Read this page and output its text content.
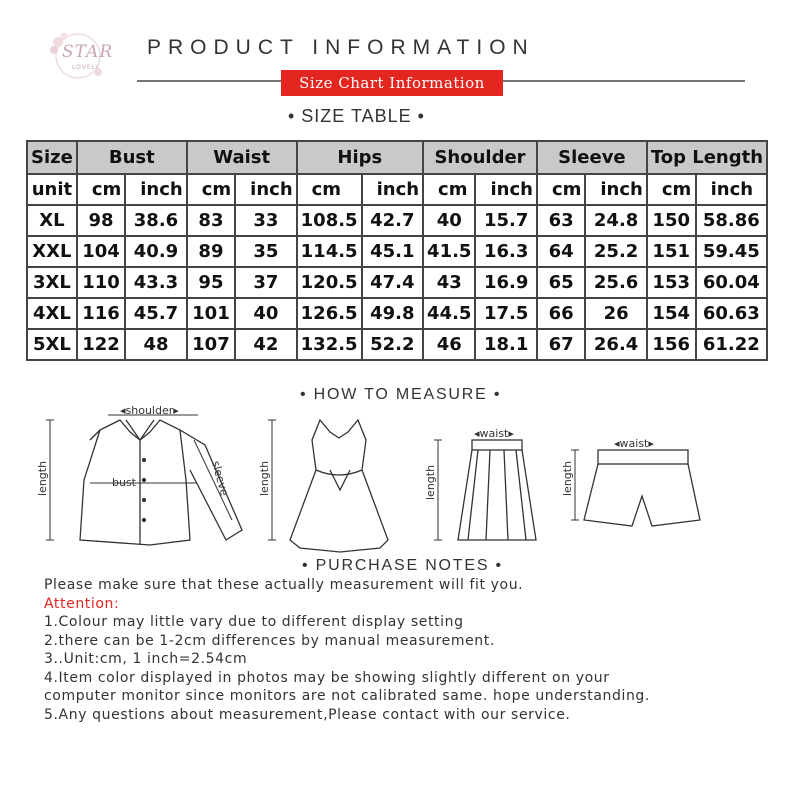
STAR
LOVELY
PRODUCT INFORMATION
Size Chart Information
• SIZE TABLE •
Size	Bust		Waist		Hips		Shoulder		Sleeve		Top Length	
unit	cm	inch	cm	inch	cm	inch	cm	inch	cm	inch	cm	inch
XL	98	38.6	83	33	108.5	42.7	40	15.7	63	24.8	150	58.86
XXL	104	40.9	89	35	114.5	45.1	41.5	16.3	64	25.2	151	59.45
3XL	110	43.3	95	37	120.5	47.4	43	16.9	65	25.6	153	60.04
4XL	116	45.7	101	40	126.5	49.8	44.5	17.5	66	26	154	60.63
5XL	122	48	107	42	132.5	52.2	46	18.1	67	26.4	156	61.22
• HOW TO MEASURE •
◂shoulder▸
bust	sleeve
length	length	length	length
◂waist▸
◂waist▸
• PURCHASE NOTES •
Please make sure that these actually measurement will fit you.
Attention:
1.Colour may little vary due to different display setting
2.there can be 1-2cm differences by manual measurement.
3..Unit:cm, 1 inch=2.54cm
4.Item color displayed in photos may be showing slightly different on your
computer monitor since monitors are not calibrated same. hope understanding.
5.Any questions about measurement,Please contact with our service.
